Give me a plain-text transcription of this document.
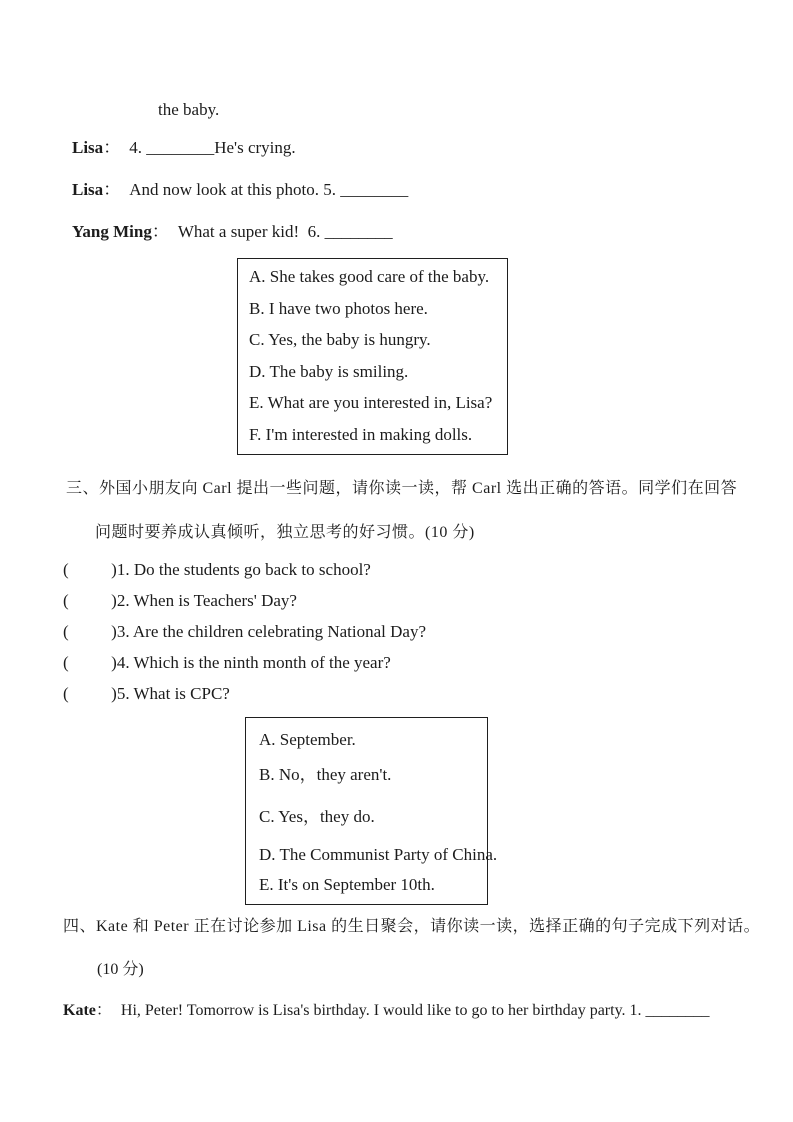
the baby.

Lisa： 4. ________He's crying.

Lisa： And now look at this photo. 5. ________

Yang Ming： What a super kid!  6. ________

A. She takes good care of the baby.

B. I have two photos here.

C. Yes, the baby is hungry.

D. The baby is smiling.

E. What are you interested in, Lisa?

F. I'm interested in making dolls.

三、外国小朋友向 Carl 提出一些问题，请你读一读，帮 Carl 选出正确的答语。同学们在回答

问题时要养成认真倾听，独立思考的好习惯。(10 分)

(          )1. Do the students go back to school?

(          )2. When is Teachers' Day?

(          )3. Are the children celebrating National Day?

(          )4. Which is the ninth month of the year?

(          )5. What is CPC?

A. September.

B. No，they aren't.

C. Yes，they do.

D. The Communist Party of China.

E. It's on September 10th.

四、Kate 和 Peter 正在讨论参加 Lisa 的生日聚会，请你读一读，选择正确的句子完成下列对话。

(10 分)

Kate： Hi, Peter! Tomorrow is Lisa's birthday. I would like to go to her birthday party. 1. ________
